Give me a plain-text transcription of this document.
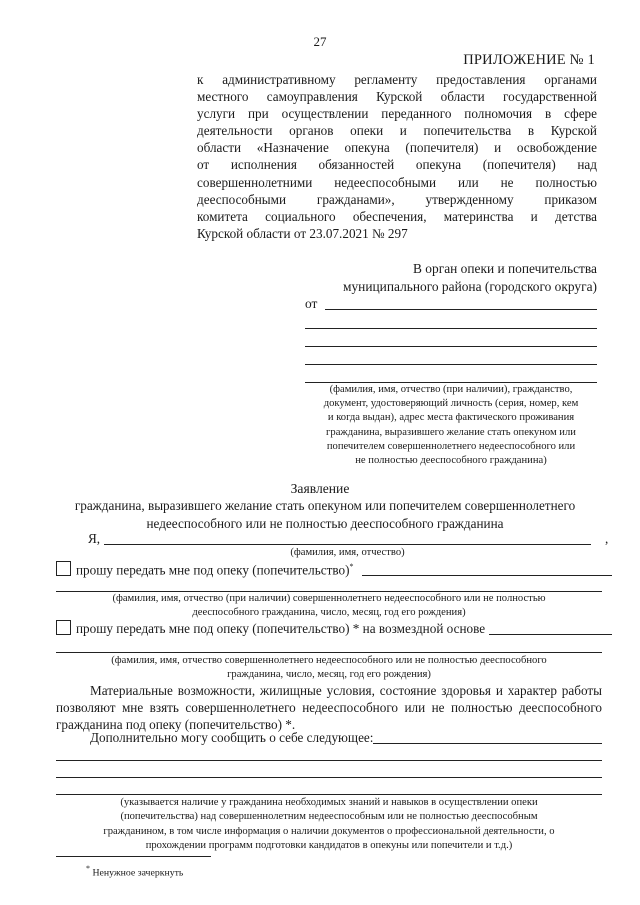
27
ПРИЛОЖЕНИЕ № 1
к административному регламенту предоставления органами
местного самоуправления Курской области государственной
услуги при осуществлении переданного полномочия в сфере
деятельности органов опеки и попечительства в Курской
области «Назначение опекуна (попечителя) и освобождение
от исполнения обязанностей опекуна (попечителя) над
совершеннолетними недееспособными или не полностью
дееспособными гражданами», утвержденному приказом
комитета социального обеспечения, материнства и детства
Курской области от 23.07.2021 № 297
В орган опеки и попечительства
муниципального района (городского округа)
от
(фамилия, имя, отчество (при наличии), гражданство,
документ, удостоверяющий личность (серия, номер, кем
и когда выдан), адрес места фактического проживания
гражданина, выразившего желание стать опекуном или
попечителем совершеннолетнего недееспособного или
не полностью дееспособного гражданина)
Заявление
гражданина, выразившего желание стать опекуном или попечителем совершеннолетнего
недееспособного или не полностью дееспособного гражданина
Я,	,
(фамилия, имя, отчество)
прошу передать мне под опеку (попечительство)*
(фамилия, имя, отчество (при наличии) совершеннолетнего недееспособного или не полностью
дееспособного гражданина, число, месяц, год его рождения)
прошу передать мне под опеку (попечительство) * на возмездной основе
(фамилия, имя, отчество совершеннолетнего недееспособного или не полностью дееспособного
гражданина, число, месяц, год его рождения)
Материальные возможности, жилищные условия, состояние здоровья и характер работы
позволяют мне взять совершеннолетнего недееспособного или не полностью дееспособного
гражданина под опеку (попечительство) *.
Дополнительно могу сообщить о себе следующее:
(указывается наличие у гражданина необходимых знаний и навыков в осуществлении опеки
(попечительства) над совершеннолетним недееспособным или не полностью дееспособным
гражданином, в том числе информация о наличии документов о профессиональной деятельности, о
прохождении программ подготовки кандидатов в опекуны или попечители и т.д.)
* Ненужное зачеркнуть
